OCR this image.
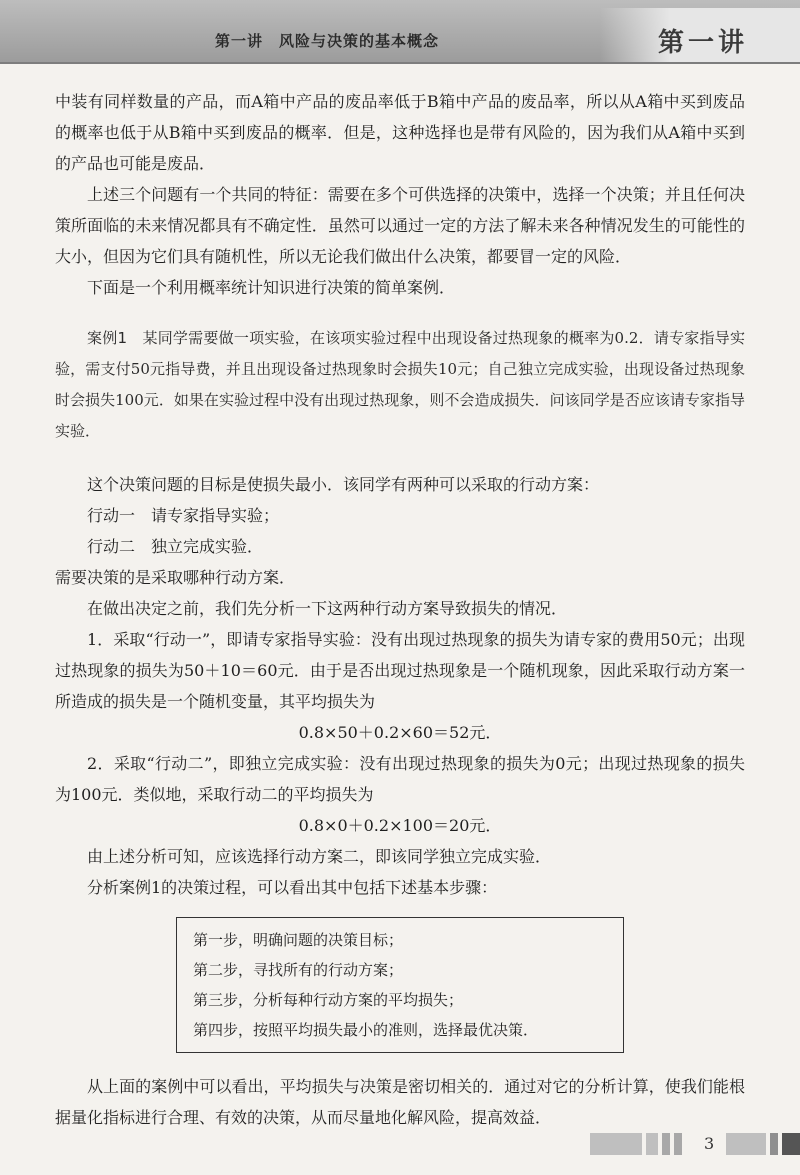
第一讲　风险与决策的基本概念	第一讲

中装有同样数量的产品，而A箱中产品的废品率低于B箱中产品的废品率，所以从A箱中买到废品的概率也低于从B箱中买到废品的概率．但是，这种选择也是带有风险的，因为我们从A箱中买到的产品也可能是废品．

上述三个问题有一个共同的特征：需要在多个可供选择的决策中，选择一个决策；并且任何决策所面临的未来情况都具有不确定性．虽然可以通过一定的方法了解未来各种情况发生的可能性的大小，但因为它们具有随机性，所以无论我们做出什么决策，都要冒一定的风险．

下面是一个利用概率统计知识进行决策的简单案例．

案例1　 某同学需要做一项实验，在该项实验过程中出现设备过热现象的概率为0.2．请专家指导实验，需支付50元指导费，并且出现设备过热现象时会损失10元；自己独立完成实验，出现设备过热现象时会损失100元．如果在实验过程中没有出现过热现象，则不会造成损失．问该同学是否应该请专家指导实验．

这个决策问题的目标是使损失最小．该同学有两种可以采取的行动方案：

行动一　请专家指导实验；

行动二　独立完成实验．

需要决策的是采取哪种行动方案．

在做出决定之前，我们先分析一下这两种行动方案导致损失的情况．

1．采取“行动一”，即请专家指导实验：没有出现过热现象的损失为请专家的费用50元；出现过热现象的损失为50＋10＝60元．由于是否出现过热现象是一个随机现象，因此采取行动方案一所造成的损失是一个随机变量，其平均损失为

0.8×50＋0.2×60＝52元．

2．采取“行动二”，即独立完成实验：没有出现过热现象的损失为0元；出现过热现象的损失为100元．类似地，采取行动二的平均损失为

0.8×0＋0.2×100＝20元．

由上述分析可知，应该选择行动方案二，即该同学独立完成实验．

分析案例1的决策过程，可以看出其中包括下述基本步骤：

第一步，明确问题的决策目标；

第二步，寻找所有的行动方案；

第三步，分析每种行动方案的平均损失；

第四步，按照平均损失最小的准则，选择最优决策．

从上面的案例中可以看出，平均损失与决策是密切相关的．通过对它的分析计算，使我们能根据量化指标进行合理、有效的决策，从而尽量地化解风险，提高效益．

3
